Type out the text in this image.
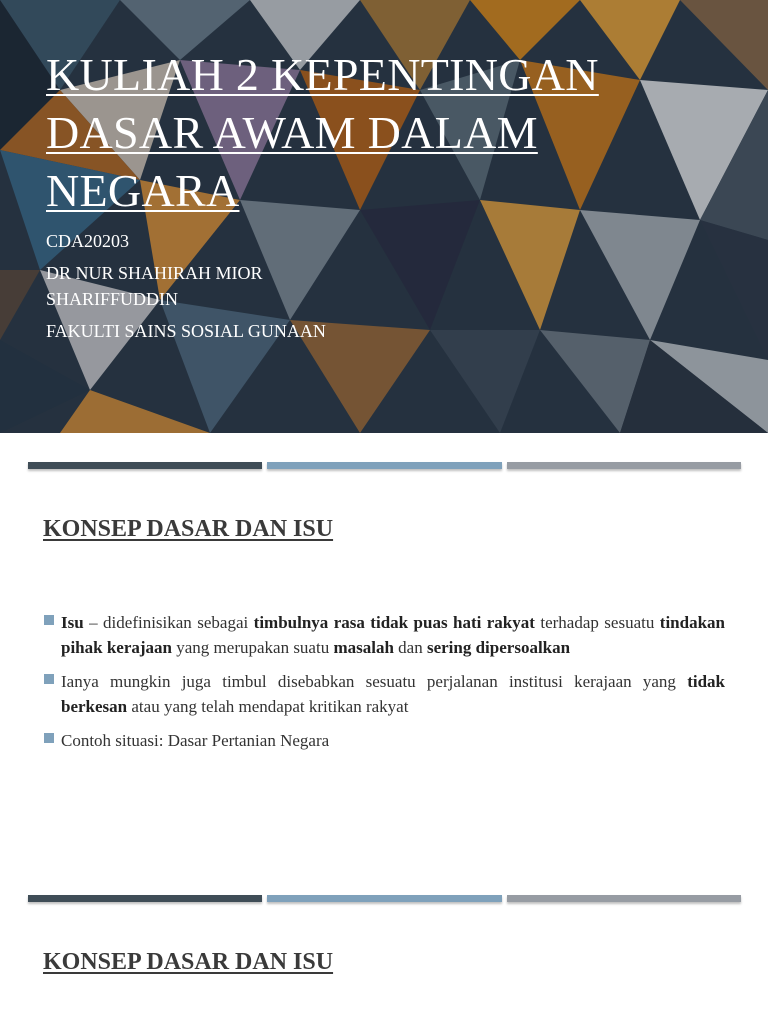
KULIAH 2 KEPENTINGAN
DASAR AWAM DALAM
NEGARA

CDA20203

DR NUR SHAHIRAH MIOR SHARIFFUDDIN

FAKULTI SAINS SOSIAL GUNAAN

KONSEP DASAR DAN ISU
Isu – didefinisikan sebagai timbulnya rasa tidak puas hati rakyat terhadap sesuatu tindakan pihak kerajaan yang merupakan suatu masalah dan sering dipersoalkan
Ianya mungkin juga timbul disebabkan sesuatu perjalanan institusi kerajaan yang tidak berkesan atau yang telah mendapat kritikan rakyat
Contoh situasi: Dasar Pertanian Negara
KONSEP DASAR DAN ISU
